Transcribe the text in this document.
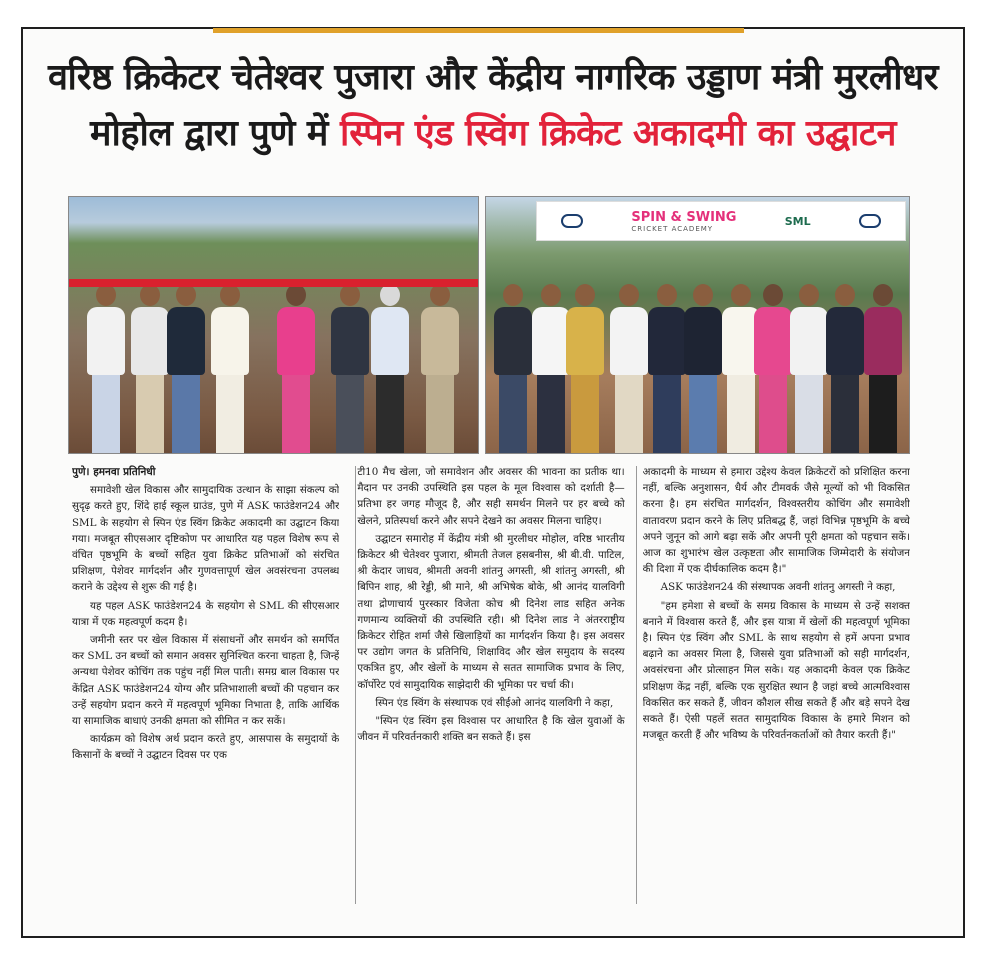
वरिष्ठ क्रिकेटर चेतेश्वर पुजारा और केंद्रीय नागरिक उड्डाण मंत्री मुरलीधर
मोहोल द्वारा पुणे में स्पिन एंड स्विंग क्रिकेट अकादमी का उद्घाटन
SPIN & SWING
CRICKET ACADEMY
SML

पुणे। हमनवा प्रतिनिधी

समावेशी खेल विकास और सामुदायिक उत्थान के साझा संकल्प को सुदृढ़ करते हुए, शिंदे हाई स्कूल ग्राउंड, पुणे में ASK फाउंडेशन24 और SML के सहयोग से स्पिन एंड स्विंग क्रिकेट अकादमी का उद्घाटन किया गया। मजबूत सीएसआर दृष्टिकोण पर आधारित यह पहल विशेष रूप से वंचित पृष्ठभूमि के बच्चों सहित युवा क्रिकेट प्रतिभाओं को संरचित प्रशिक्षण, पेशेवर मार्गदर्शन और गुणवत्तापूर्ण खेल अवसंरचना उपलब्ध कराने के उद्देश्य से शुरू की गई है।

यह पहल ASK फाउंडेशन24 के सहयोग से SML की सीएसआर यात्रा में एक महत्वपूर्ण कदम है।

जमीनी स्तर पर खेल विकास में संसाधनों और समर्थन को समर्पित कर SML उन बच्चों को समान अवसर सुनिश्चित करना चाहता है, जिन्हें अन्यथा पेशेवर कोचिंग तक पहुंच नहीं मिल पाती। समग्र बाल विकास पर केंद्रित ASK फाउंडेशन24 योग्य और प्रतिभाशाली बच्चों की पहचान कर उन्हें सहयोग प्रदान करने में महत्वपूर्ण भूमिका निभाता है, ताकि आर्थिक या सामाजिक बाधाएं उनकी क्षमता को सीमित न कर सकें।

कार्यक्रम को विशेष अर्थ प्रदान करते हुए, आसपास के समुदायों के किसानों के बच्चों ने उद्घाटन दिवस पर एक

टी10 मैच खेला, जो समावेशन और अवसर की भावना का प्रतीक था। मैदान पर उनकी उपस्थिति इस पहल के मूल विश्वास को दर्शाती है—प्रतिभा हर जगह मौजूद है, और सही समर्थन मिलने पर हर बच्चे को खेलने, प्रतिस्पर्धा करने और सपने देखने का अवसर मिलना चाहिए।

उद्घाटन समारोह में केंद्रीय मंत्री श्री मुरलीधर मोहोल, वरिष्ठ भारतीय क्रिकेटर श्री चेतेश्वर पुजारा, श्रीमती तेजल हसबनीस, श्री बी.वी. पाटिल, श्री केदार जाधव, श्रीमती अवनी शांतनु अगस्ती, श्री शांतनु अगस्ती, श्री बिपिन शाह, श्री रेड्डी, श्री माने, श्री अभिषेक बोके, श्री आनंद यालविगी तथा द्रोणाचार्य पुरस्कार विजेता कोच श्री दिनेश लाड सहित अनेक गणमान्य व्यक्तियों की उपस्थिति रही। श्री दिनेश लाड ने अंतरराष्ट्रीय क्रिकेटर रोहित शर्मा जैसे खिलाड़ियों का मार्गदर्शन किया है। इस अवसर पर उद्योग जगत के प्रतिनिधि, शिक्षाविद और खेल समुदाय के सदस्य एकत्रित हुए, और खेलों के माध्यम से सतत सामाजिक प्रभाव के लिए, कॉर्पोरेट एवं सामुदायिक साझेदारी की भूमिका पर चर्चा की।

स्पिन एंड स्विंग के संस्थापक एवं सीईओ आनंद यालविगी ने कहा,

"स्पिन एंड स्विंग इस विश्वास पर आधारित है कि खेल युवाओं के जीवन में परिवर्तनकारी शक्ति बन सकते हैं। इस

अकादमी के माध्यम से हमारा उद्देश्य केवल क्रिकेटरों को प्रशिक्षित करना नहीं, बल्कि अनुशासन, धैर्य और टीमवर्क जैसे मूल्यों को भी विकसित करना है। हम संरचित मार्गदर्शन, विश्वस्तरीय कोचिंग और समावेशी वातावरण प्रदान करने के लिए प्रतिबद्ध हैं, जहां विभिन्न पृष्ठभूमि के बच्चे अपने जुनून को आगे बढ़ा सकें और अपनी पूरी क्षमता को पहचान सकें। आज का शुभारंभ खेल उत्कृष्टता और सामाजिक जिम्मेदारी के संयोजन की दिशा में एक दीर्घकालिक कदम है।"

ASK फाउंडेशन24 की संस्थापक अवनी शांतनु अगस्ती ने कहा,

"हम हमेशा से बच्चों के समग्र विकास के माध्यम से उन्हें सशक्त बनाने में विश्वास करते हैं, और इस यात्रा में खेलों की महत्वपूर्ण भूमिका है। स्पिन एंड स्विंग और SML के साथ सहयोग से हमें अपना प्रभाव बढ़ाने का अवसर मिला है, जिससे युवा प्रतिभाओं को सही मार्गदर्शन, अवसंरचना और प्रोत्साहन मिल सके। यह अकादमी केवल एक क्रिकेट प्रशिक्षण केंद्र नहीं, बल्कि एक सुरक्षित स्थान है जहां बच्चे आत्मविश्वास विकसित कर सकते हैं, जीवन कौशल सीख सकते हैं और बड़े सपने देख सकते हैं। ऐसी पहलें सतत सामुदायिक विकास के हमारे मिशन को मजबूत करती हैं और भविष्य के परिवर्तनकर्ताओं को तैयार करती हैं।"
